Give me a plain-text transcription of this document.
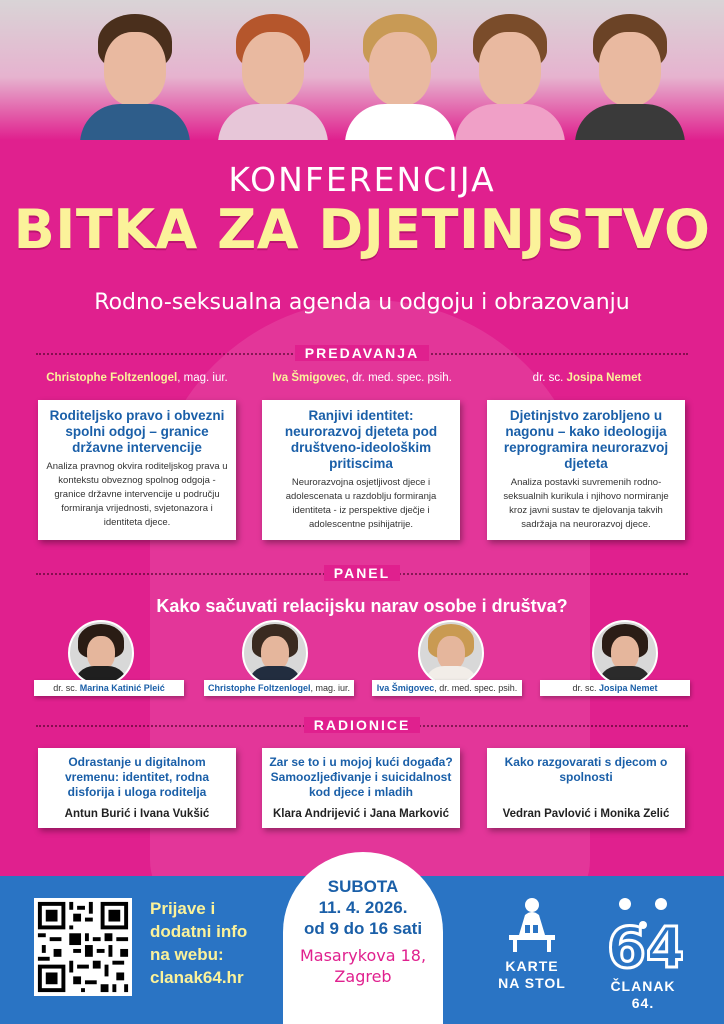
KONFERENCIJA
BITKA ZA DJETINJSTVO
Rodno-seksualna agenda u odgoju i obrazovanju
PREDAVANJA
Christophe Foltzenlogel, mag. iur.	Iva Šmigovec, dr. med. spec. psih.	dr. sc. Josipa Nemet
Roditeljsko pravo i obvezni spolni odgoj – granice državne intervencije
Analiza pravnog okvira roditeljskog prava u kontekstu obveznog spolnog odgoja - granice državne intervencije u području formiranja vrijednosti, svjetonazora i identiteta djece.
Ranjivi identitet: neurorazvoj djeteta pod društveno-ideološkim pritiscima
Neurorazvojna osjetljivost djece i adolescenata u razdoblju formiranja identiteta - iz perspektive dječje i adolescentne psihijatrije.
Djetinjstvo zarobljeno u nagonu – kako ideologija reprogramira neurorazvoj djeteta
Analiza postavki suvremenih rodno-seksualnih kurikula i njihovo normiranje kroz javni sustav te djelovanja takvih sadržaja na neurorazvoj djece.
PANEL
Kako sačuvati relacijsku narav osobe i društva?
dr. sc. Marina Katinić Pleić	Christophe Foltzenlogel, mag. iur.	Iva Šmigovec, dr. med. spec. psih.	dr. sc. Josipa Nemet
RADIONICE
Odrastanje u digitalnom vremenu: identitet, rodna disforija i uloga roditelja
Antun Burić i Ivana Vukšić
Zar se to i u mojoj kući događa? Samoozljeđivanje i suicidalnost kod djece i mladih
Klara Andrijević i Jana Marković
Kako razgovarati s djecom o spolnosti
Vedran Pavlović i Monika Zelić
Prijave i
dodatni info
na webu:
clanak64.hr
SUBOTA
11. 4. 2026.
od 9 do 16 sati
Masarykova 18,
Zagreb
KARTE
NA STOL
64
ČLANAK 64.
